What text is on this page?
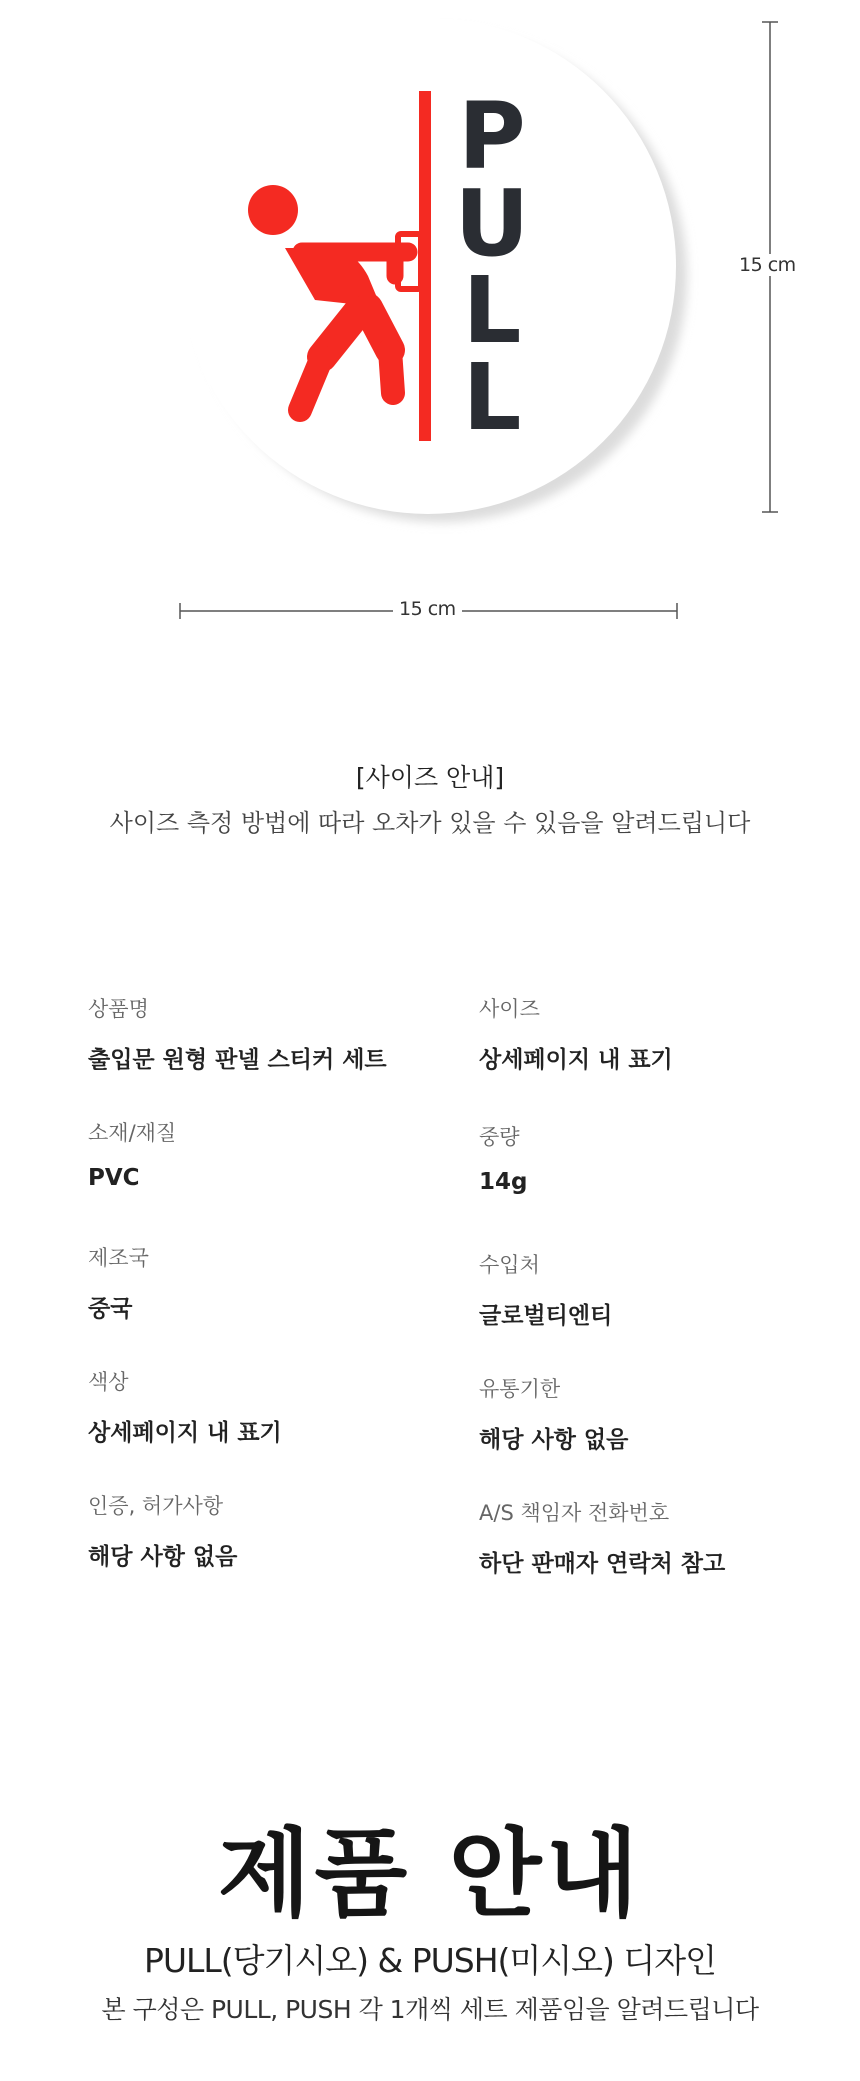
P U L L
15 cm
15 cm
[사이즈 안내]
사이즈 측정 방법에 따라 오차가 있을 수 있음을 알려드립니다
상품명
출입문 원형 판넬 스티커 세트
사이즈
상세페이지 내 표기
소재/재질
PVC
중량
14g
제조국
중국
수입처
글로벌티엔티
색상
상세페이지 내 표기
유통기한
해당 사항 없음
인증, 허가사항
해당 사항 없음
A/S 책임자 전화번호
하단 판매자 연락처 참고
제품 안내
PULL(당기시오) & PUSH(미시오) 디자인
본 구성은 PULL, PUSH 각 1개씩 세트 제품임을 알려드립니다
